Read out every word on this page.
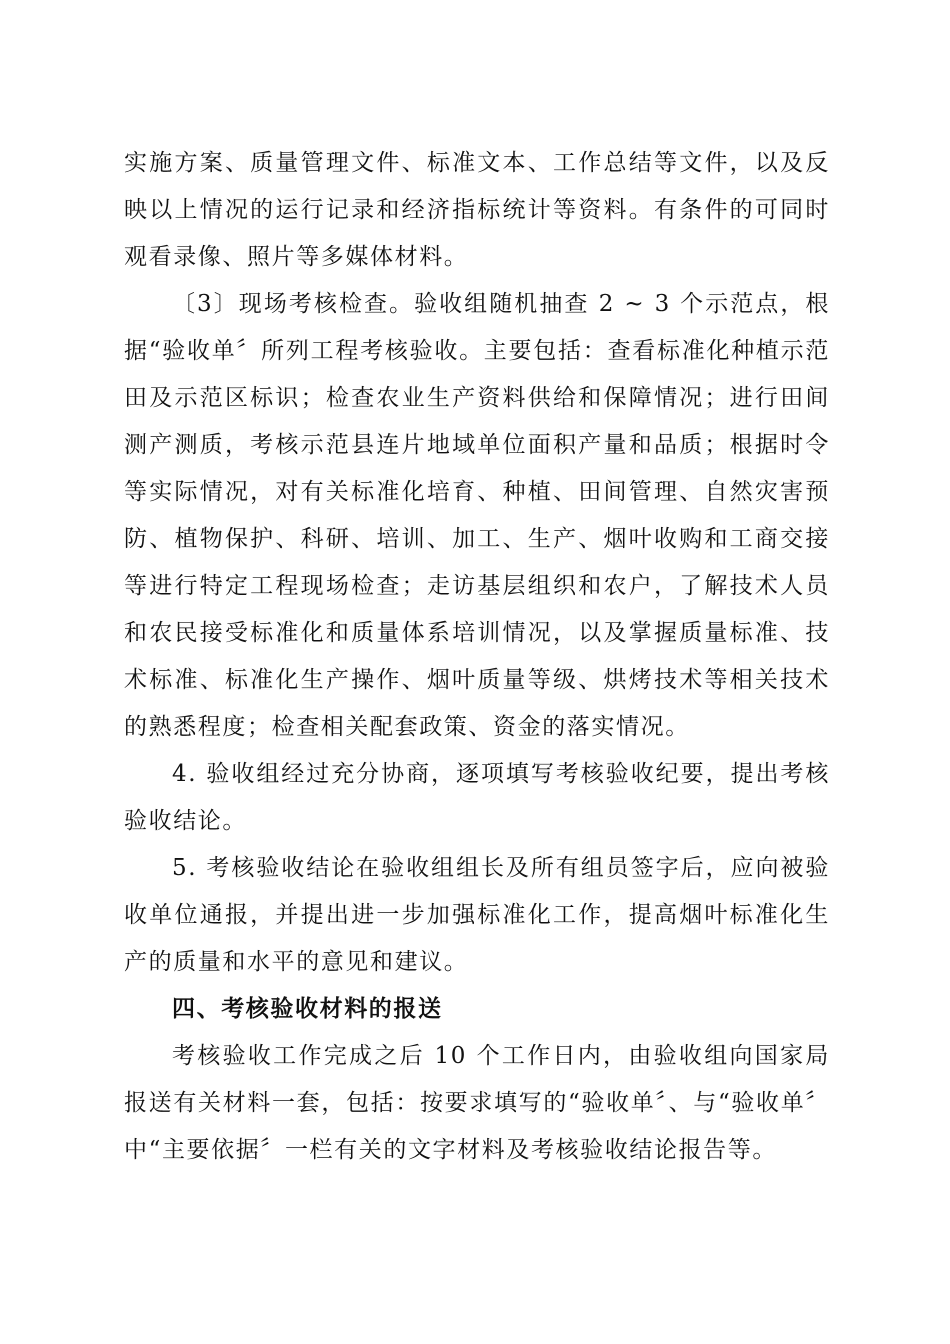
实施方案、质量管理文件、标准文本、工作总结等文件，以及反映以上情况的运行记录和经济指标统计等资料。有条件的可同时观看录像、照片等多媒体材料。

〔3〕现场考核检查。验收组随机抽查 2 ~ 3 个示范点，根据“验收单〞所列工程考核验收。主要包括：查看标准化种植示范田及示范区标识；检查农业生产资料供给和保障情况；进行田间测产测质，考核示范县连片地域单位面积产量和品质；根据时令等实际情况，对有关标准化培育、种植、田间管理、自然灾害预防、植物保护、科研、培训、加工、生产、烟叶收购和工商交接等进行特定工程现场检查；走访基层组织和农户，了解技术人员和农民接受标准化和质量体系培训情况，以及掌握质量标准、技术标准、标准化生产操作、烟叶质量等级、烘烤技术等相关技术的熟悉程度；检查相关配套政策、资金的落实情况。

4. 验收组经过充分协商，逐项填写考核验收纪要，提出考核验收结论。

5. 考核验收结论在验收组组长及所有组员签字后，应向被验收单位通报，并提出进一步加强标准化工作，提高烟叶标准化生产的质量和水平的意见和建议。

四、考核验收材料的报送

考核验收工作完成之后 10 个工作日内，由验收组向国家局报送有关材料一套，包括：按要求填写的“验收单〞、与“验收单〞中“主要依据〞一栏有关的文字材料及考核验收结论报告等。
